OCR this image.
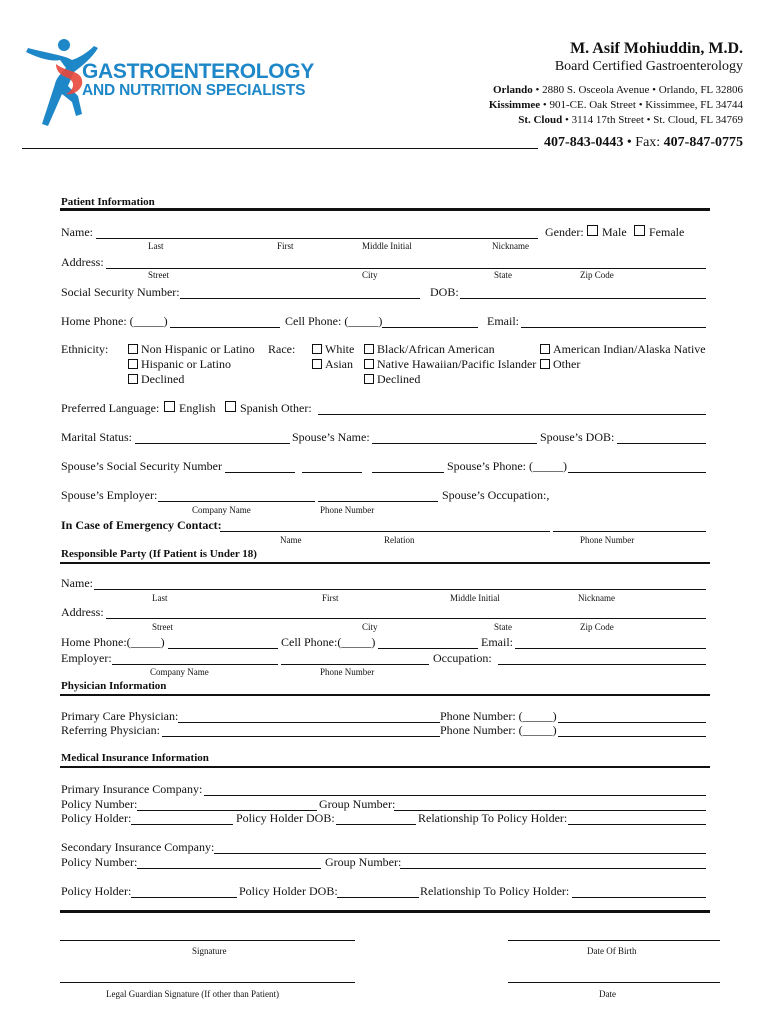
GASTROENTEROLOGY
AND NUTRITION SPECIALISTS
M. Asif Mohiuddin, M.D.
Board Certified Gastroenterology
Orlando • 2880 S. Osceola Avenue • Orlando, FL 32806
Kissimmee • 901-CE. Oak Street • Kissimmee, FL 34744
St. Cloud • 3114 17th Street • St. Cloud, FL 34769
407-843-0443 • Fax: 407-847-0775
Patient Information
Name:	Gender: Male Female
Last	First	Middle Initial	Nickname
Address:
Street	City	State	Zip Code
Social Security Number:	DOB:
Home Phone: (_____)	Cell Phone: (_____)	Email:
Ethnicity:	Non Hispanic or Latino
Hispanic or Latino
Declined
Race:	White
Asian
Black/African American
Native Hawaiian/Pacific Islander
Declined
American Indian/Alaska Native
Other
Preferred Language: English Spanish Other:
Marital Status:	Spouse’s Name:	Spouse’s DOB:
Spouse’s Social Security Number	Spouse’s Phone: (_____)
Spouse’s Employer:	Spouse’s Occupation:,
Company Name	Phone Number
In Case of Emergency Contact:
Name	Relation	Phone Number
Responsible Party (If Patient is Under 18)
Name:
Last	First	Middle Initial	Nickname
Address:
Street	City	State	Zip Code
Home Phone:(_____)	Cell Phone:(_____)	Email:
Employer:	Occupation:
Company Name	Phone Number
Physician Information
Primary Care Physician:	Phone Number: (_____)
Referring Physician:	Phone Number: (_____)
Medical Insurance Information
Primary Insurance Company:
Policy Number:	Group Number:
Policy Holder:	Policy Holder DOB:	Relationship To Policy Holder:
Secondary Insurance Company:
Policy Number:	Group Number:
Policy Holder:	Policy Holder DOB:	Relationship To Policy Holder:
Signature	Date Of Birth
Legal Guardian Signature (If other than Patient)	Date
